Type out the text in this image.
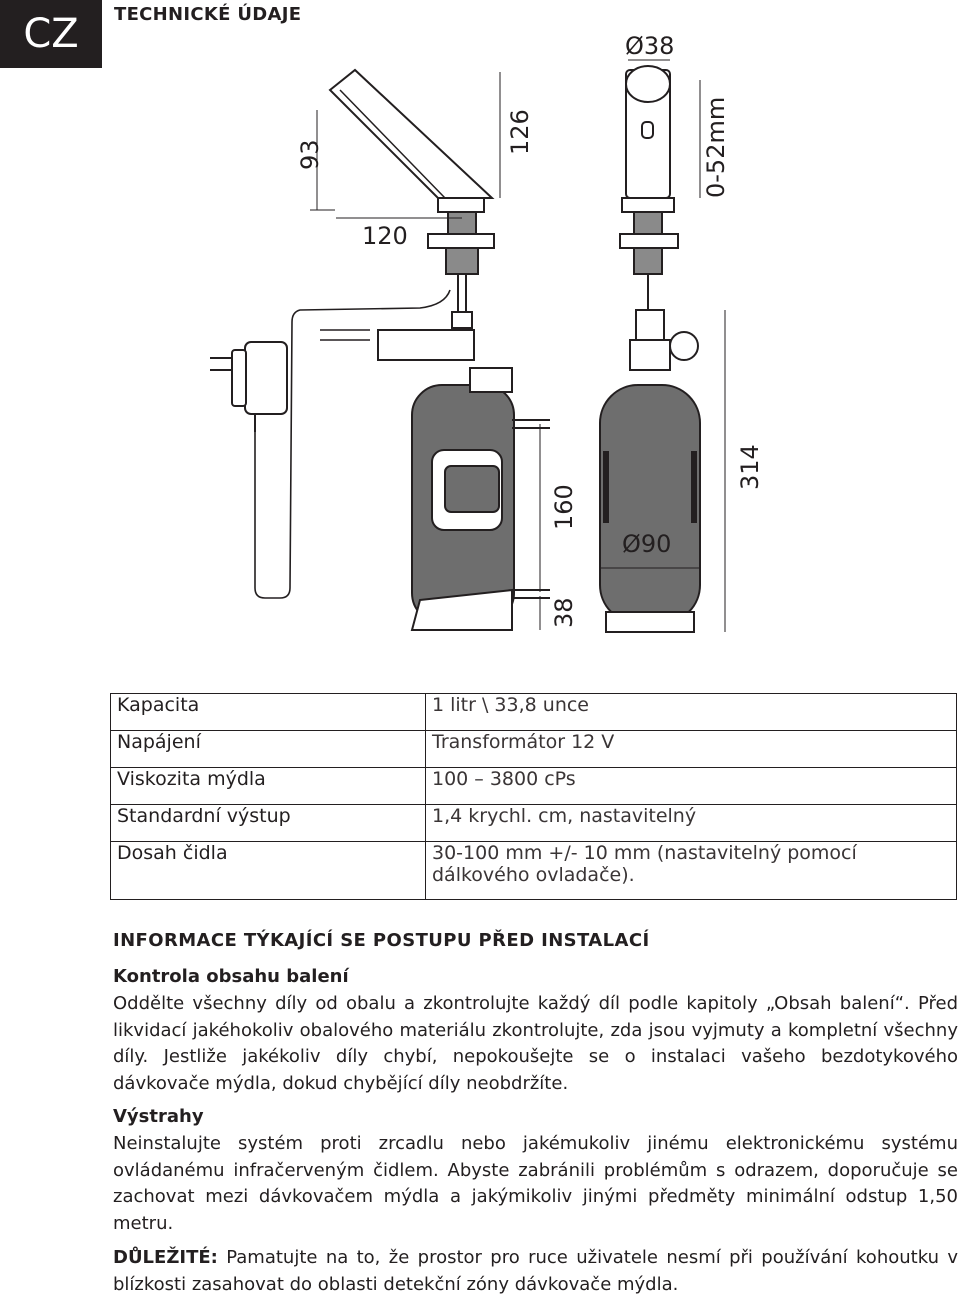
CZ	TECHNICKÉ ÚDAJE
93	126
120
Ø38
0-52mm
160
38
Ø90
314
Kapacita	1 litr \ 33,8 unce
Napájení	Transformátor 12 V
Viskozita mýdla	100 – 3800 cPs
Standardní výstup	1,4 krychl. cm, nastavitelný
Dosah čidla	30-100 mm +/- 10 mm (nastavitelný pomocí dálkového ovladače).
INFORMACE TÝKAJÍCÍ SE POSTUPU PŘED INSTALACÍ
Kontrola obsahu balení
Oddělte všechny díly od obalu a zkontrolujte každý díl podle kapitoly „Obsah balení“. Před likvidací jakéhokoliv obalového materiálu zkontrolujte, zda jsou vyjmuty a kompletní všechny díly. Jestliže jakékoliv díly chybí, nepokoušejte se o instalaci vašeho bezdotykového dávkovače mýdla, dokud chybějící díly neobdržíte.
Výstrahy
Neinstalujte systém proti zrcadlu nebo jakémukoliv jinému elektronickému systému ovládanému infračerveným čidlem. Abyste zabránili problémům s odrazem, doporučuje se zachovat mezi dávkovačem mýdla a jakýmikoliv jinými předměty minimální odstup 1,50 metru.
DŮLEŽITÉ: Pamatujte na to, že prostor pro ruce uživatele nesmí při používání kohoutku v blízkosti zasahovat do oblasti detekční zóny dávkovače mýdla.
